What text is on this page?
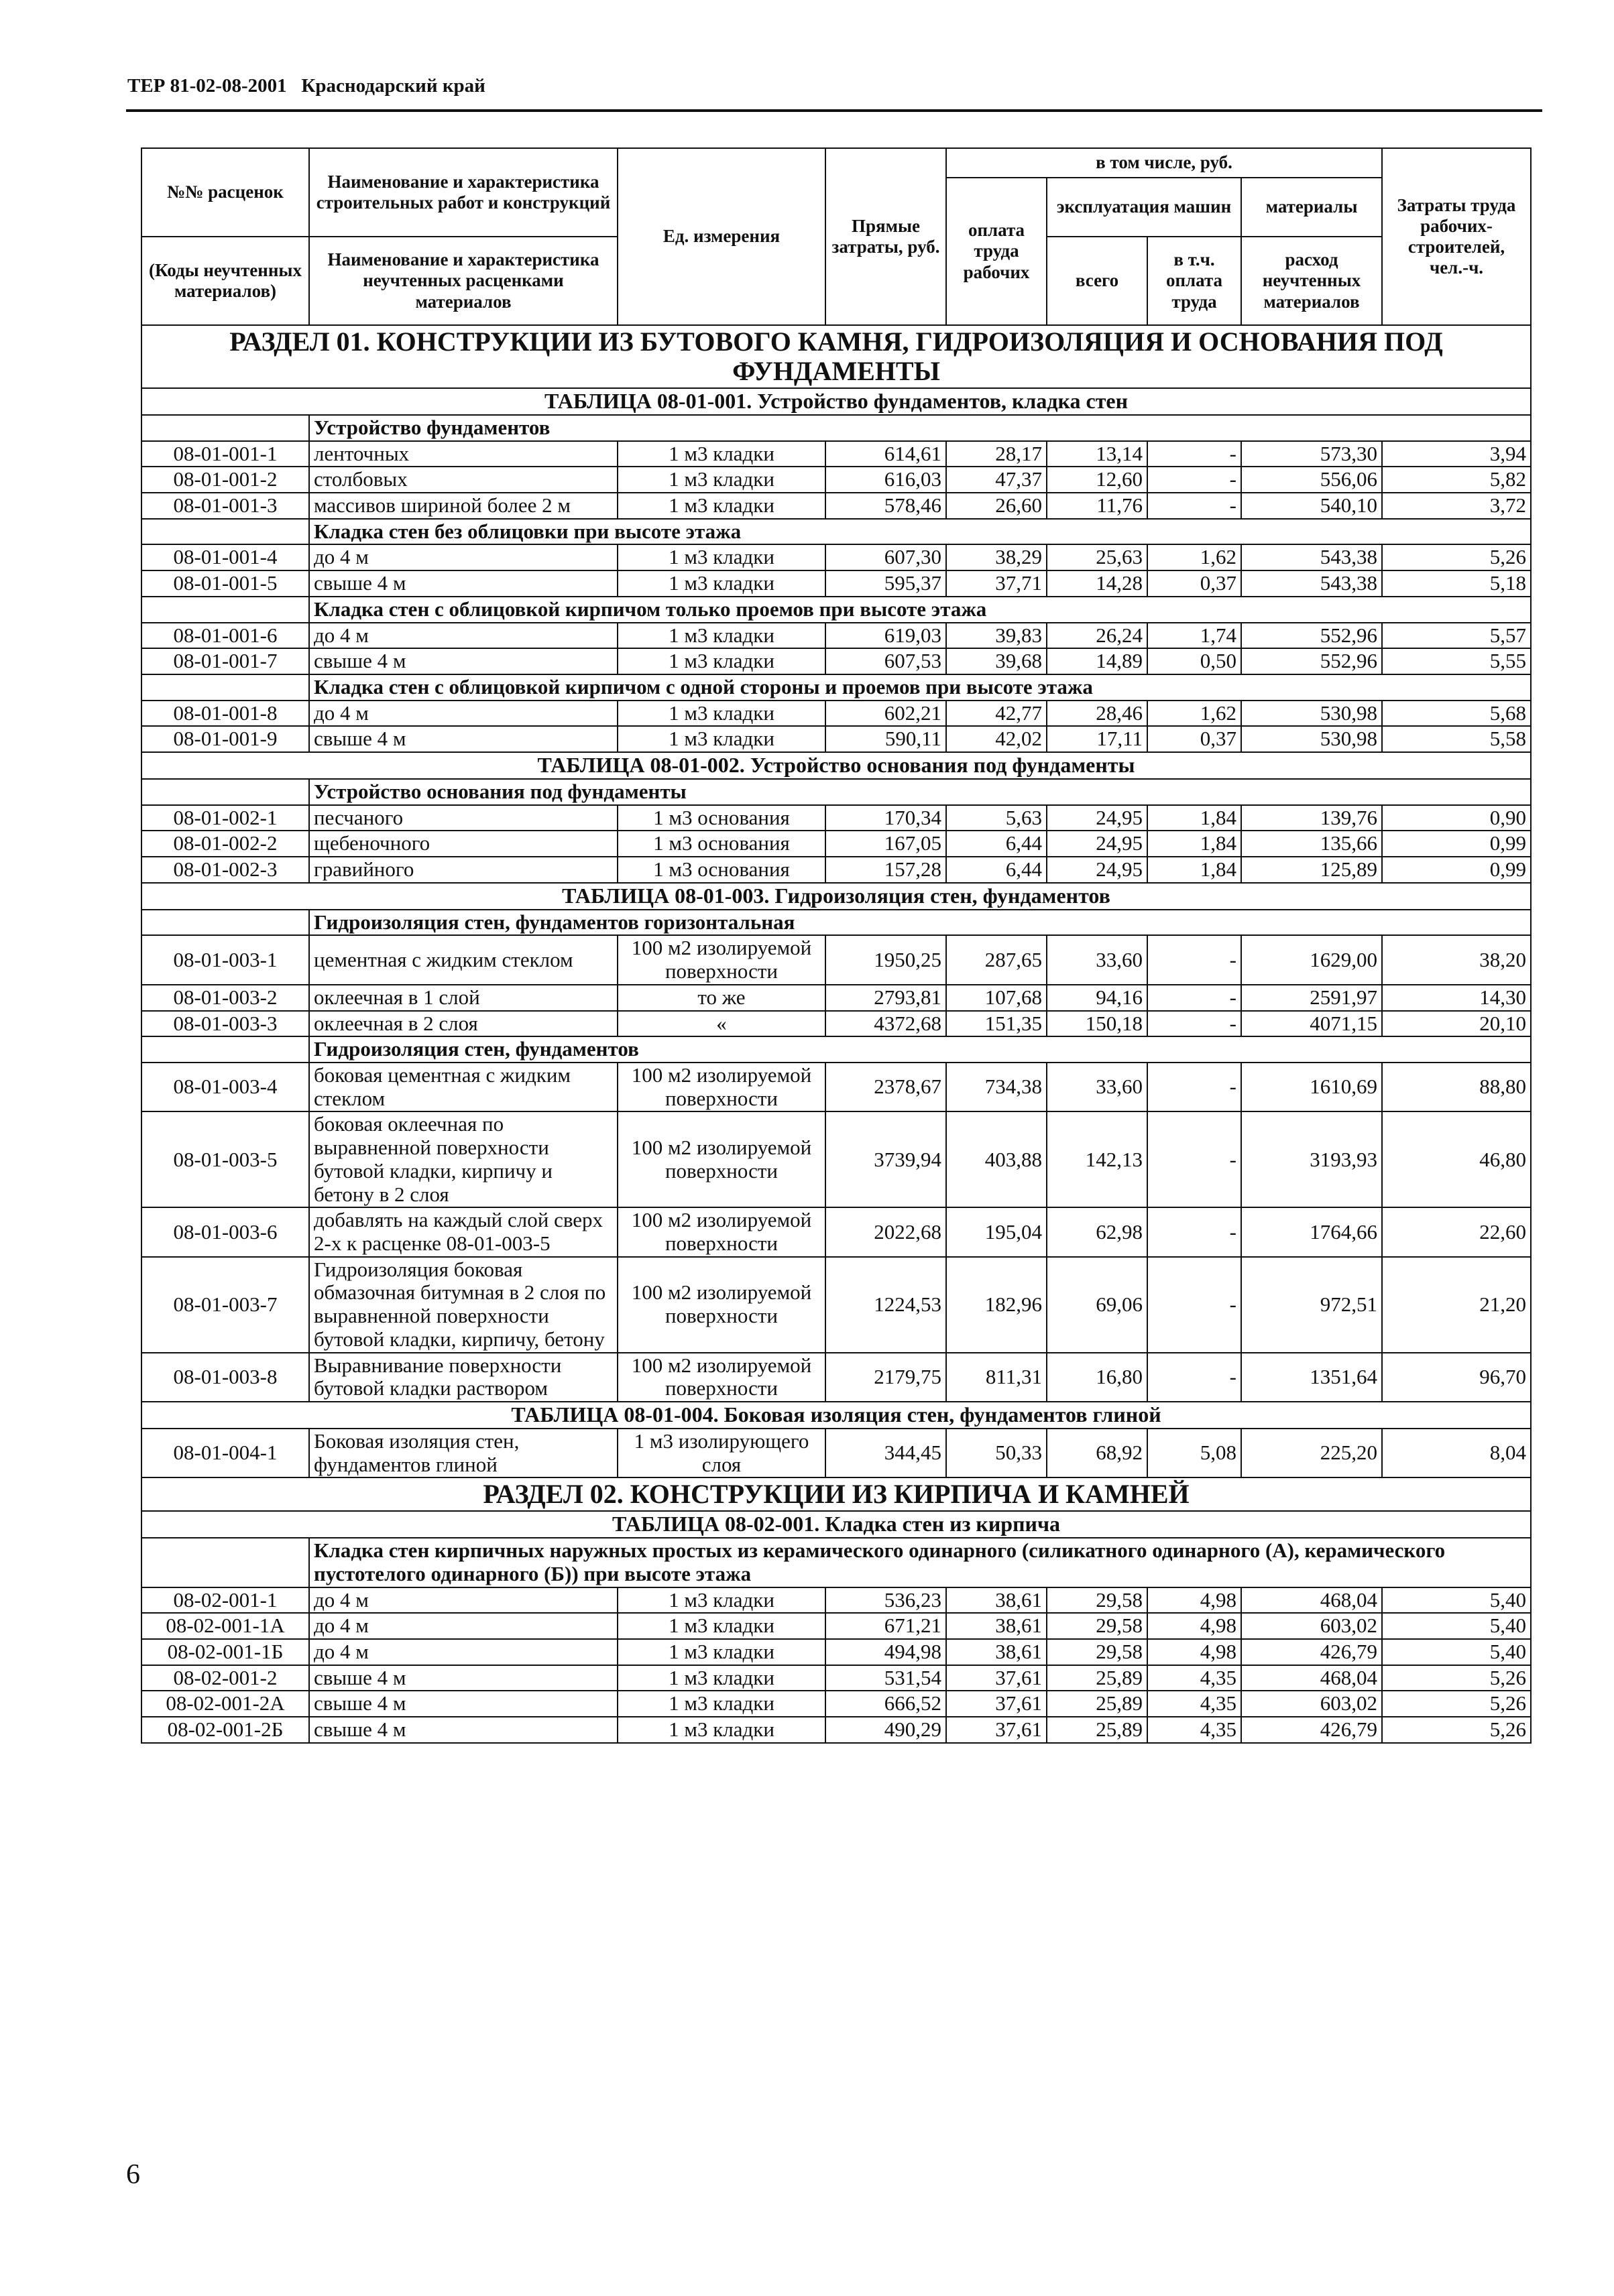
ТЕР 81-02-08-2001 Краснодарский край
№№ расценок	Наименование и характеристика строительных работ и конструкций	Ед. измерения	Прямые затраты, руб.	в том числе, руб.				Затраты труда рабочих-строителей, чел.-ч.
				оплата труда рабочих	эксплуатация машин		материалы	

(Коды неучтенных материалов)	Наименование и характеристика неучтенных расценками материалов				всего	в т.ч. оплата труда	расход неучтенных материалов	

РАЗДЕЛ 01. КОНСТРУКЦИИ ИЗ БУТОВОГО КАМНЯ, ГИДРОИЗОЛЯЦИЯ И ОСНОВАНИЯ ПОД ФУНДАМЕНТЫ								
ТАБЛИЦА 08-01-001. Устройство фундаментов, кладка стен								
	Устройство фундаментов							
08-01-001-1	ленточных	1 м3 кладки	614,61	28,17	13,14	-	573,30	3,94
08-01-001-2	столбовых	1 м3 кладки	616,03	47,37	12,60	-	556,06	5,82
08-01-001-3	массивов шириной более 2 м	1 м3 кладки	578,46	26,60	11,76	-	540,10	3,72
	Кладка стен без облицовки при высоте этажа							
08-01-001-4	до 4 м	1 м3 кладки	607,30	38,29	25,63	1,62	543,38	5,26
08-01-001-5	свыше 4 м	1 м3 кладки	595,37	37,71	14,28	0,37	543,38	5,18
	Кладка стен с облицовкой кирпичом только проемов при высоте этажа							
08-01-001-6	до 4 м	1 м3 кладки	619,03	39,83	26,24	1,74	552,96	5,57
08-01-001-7	свыше 4 м	1 м3 кладки	607,53	39,68	14,89	0,50	552,96	5,55
	Кладка стен с облицовкой кирпичом с одной стороны и проемов при высоте этажа							
08-01-001-8	до 4 м	1 м3 кладки	602,21	42,77	28,46	1,62	530,98	5,68
08-01-001-9	свыше 4 м	1 м3 кладки	590,11	42,02	17,11	0,37	530,98	5,58
ТАБЛИЦА 08-01-002. Устройство основания под фундаменты								
	Устройство основания под фундаменты							
08-01-002-1	песчаного	1 м3 основания	170,34	5,63	24,95	1,84	139,76	0,90
08-01-002-2	щебеночного	1 м3 основания	167,05	6,44	24,95	1,84	135,66	0,99
08-01-002-3	гравийного	1 м3 основания	157,28	6,44	24,95	1,84	125,89	0,99
ТАБЛИЦА 08-01-003. Гидроизоляция стен, фундаментов								
	Гидроизоляция стен, фундаментов горизонтальная							
08-01-003-1	цементная с жидким стеклом	100 м2 изолируемой поверхности	1950,25	287,65	33,60	-	1629,00	38,20
08-01-003-2	оклеечная в 1 слой	то же	2793,81	107,68	94,16	-	2591,97	14,30
08-01-003-3	оклеечная в 2 слоя	«	4372,68	151,35	150,18	-	4071,15	20,10
	Гидроизоляция стен, фундаментов							
08-01-003-4	боковая цементная с жидким стеклом	100 м2 изолируемой поверхности	2378,67	734,38	33,60	-	1610,69	88,80
08-01-003-5	боковая оклеечная по выравненной поверхности бутовой кладки, кирпичу и бетону в 2 слоя	100 м2 изолируемой поверхности	3739,94	403,88	142,13	-	3193,93	46,80
08-01-003-6	добавлять на каждый слой сверх 2-х к расценке 08-01-003-5	100 м2 изолируемой поверхности	2022,68	195,04	62,98	-	1764,66	22,60
08-01-003-7	Гидроизоляция боковая обмазочная битумная в 2 слоя по выравненной поверхности бутовой кладки, кирпичу, бетону	100 м2 изолируемой поверхности	1224,53	182,96	69,06	-	972,51	21,20
08-01-003-8	Выравнивание поверхности бутовой кладки раствором	100 м2 изолируемой поверхности	2179,75	811,31	16,80	-	1351,64	96,70
ТАБЛИЦА 08-01-004. Боковая изоляция стен, фундаментов глиной								
08-01-004-1	Боковая изоляция стен, фундаментов глиной	1 м3 изолирующего слоя	344,45	50,33	68,92	5,08	225,20	8,04
РАЗДЕЛ 02. КОНСТРУКЦИИ ИЗ КИРПИЧА И КАМНЕЙ								
ТАБЛИЦА 08-02-001. Кладка стен из кирпича								
	Кладка стен кирпичных наружных простых из керамического одинарного (силикатного одинарного (А), керамического пустотелого одинарного (Б)) при высоте этажа							
08-02-001-1	до 4 м	1 м3 кладки	536,23	38,61	29,58	4,98	468,04	5,40
08-02-001-1А	до 4 м	1 м3 кладки	671,21	38,61	29,58	4,98	603,02	5,40
08-02-001-1Б	до 4 м	1 м3 кладки	494,98	38,61	29,58	4,98	426,79	5,40
08-02-001-2	свыше 4 м	1 м3 кладки	531,54	37,61	25,89	4,35	468,04	5,26
08-02-001-2А	свыше 4 м	1 м3 кладки	666,52	37,61	25,89	4,35	603,02	5,26
08-02-001-2Б	свыше 4 м	1 м3 кладки	490,29	37,61	25,89	4,35	426,79	5,26
6
